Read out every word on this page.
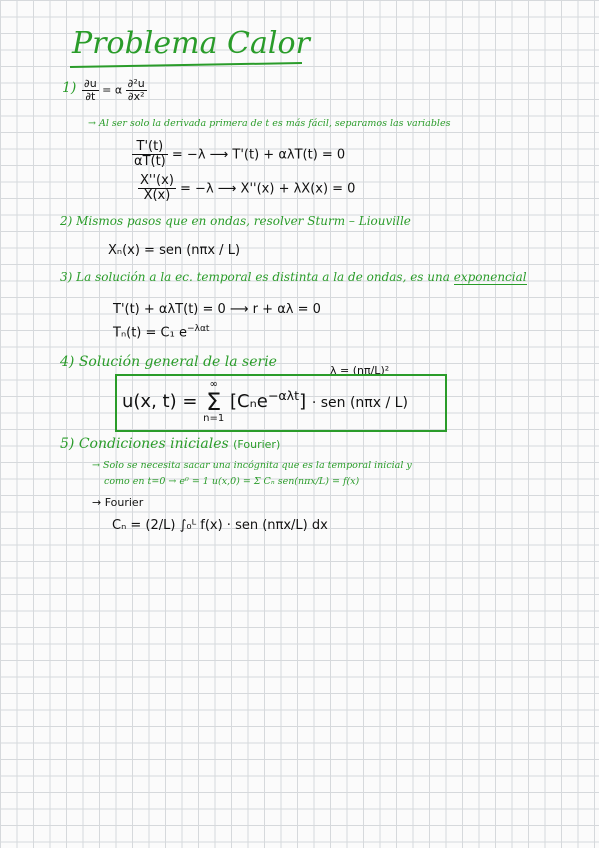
Problema Calor
$1) \frac{\partial u}{\partial t} = \alpha \frac{\text{∂²u}}{\text{∂x²}}$
→ Al ser solo la derivada primera de t es más fácil, separamos las variables
$\frac{T'(t)}{\alpha T(t)} = -\lambda$ ⟶ T'(t) + αλT(t) = 0
$\frac{X''(x)}{X(x)} = -\lambda$ ⟶ X''(x) + λX(x) = 0
2) Mismos pasos que en ondas, resolver Sturm – Liouville
Xₙ(x) = sen (nπx / L)
3) La solución a la ec. temporal es distinta a la de ondas, es una exponencial
T'(t) + αλT(t) = 0 ⟶ r + αλ = 0
Tₙ(t) = C₁ $e^{-\lambda\alpha t}$
4) Solución general de la serie
λ = (nπ/L)²
u(x, t) =
∞
Σ
n=1
[Cₙe$^{-\alpha\lambda t}$] · sen (nπx / L)
5) Condiciones iniciales (Fourier)
→ Solo se necesita sacar una incógnita que es la temporal inicial y
como en t=0 → e⁰ = 1 u(x,0) = Σ Cₙ sen(nπx/L) = f(x)
→ Fourier
Cₙ = (2/L) ∫₀ᴸ f(x) · sen (nπx/L) dx
